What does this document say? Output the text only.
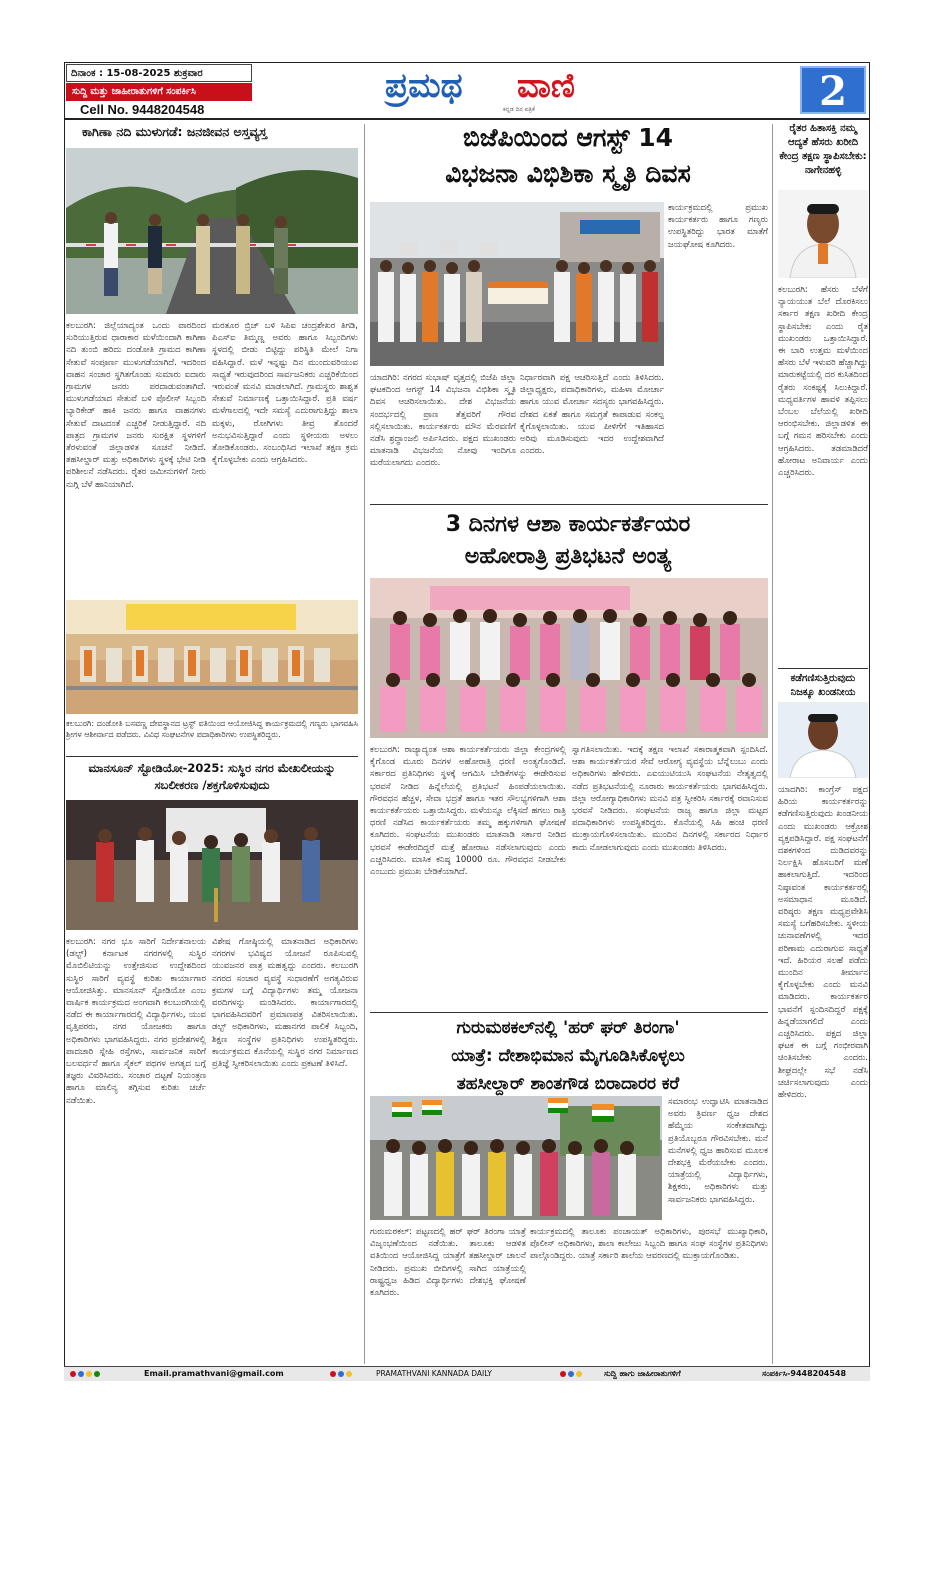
ದಿನಾಂಕ : 15-08-2025 ಶುಕ್ರವಾರ
ಸುದ್ದಿ ಮತ್ತು ಜಾಹೀರಾತುಗಳಿಗೆ ಸಂಪರ್ಕಿಸಿ
Cell No. 9448204548
ಪ್ರಮಥ ವಾಣಿ
ಕನ್ನಡ ದಿನ ಪತ್ರಿಕೆ	2
ಕಾಗಿಣಾ ನದಿ ಮುಳುಗಡೆ: ಜನಜೀವನ ಅಸ್ತವ್ಯಸ್ತ
ಕಲಬುರಗಿ: ಜಿಲ್ಲೆಯಾದ್ಯಂತ ಒಂದು ವಾರದಿಂದ ಸುರಿಯುತ್ತಿರುವ ಧಾರಾಕಾರ ಮಳೆಯಿಂದಾಗಿ ಕಾಗಿಣಾ ನದಿ ತುಂಬಿ ಹರಿದು ದಂಡೋತಿ ಗ್ರಾಮದ ಕಾಗಿಣಾ ಸೇತುವೆ ಸಂಪೂರ್ಣ ಮುಳುಗಡೆಯಾಗಿದೆ. ಇದರಿಂದ ವಾಹನ ಸಂಚಾರ ಸ್ಥಗಿತಗೊಂಡು ಸುಮಾರು ಐದಾರು ಗ್ರಾಮಗಳ ಜನರು ಪರದಾಡುವಂತಾಗಿದೆ. ಮುಳುಗಡೆಯಾದ ಸೇತುವೆ ಬಳಿ ಪೊಲೀಸ್ ಸಿಬ್ಬಂದಿ ಬ್ಯಾರಿಕೇಡ್ ಹಾಕಿ ಜನರು ಹಾಗೂ ವಾಹನಗಳು ಸೇತುವೆ ದಾಟದಂತೆ ಎಚ್ಚರಿಕೆ ನೀಡುತ್ತಿದ್ದಾರೆ. ನದಿ ಪಾತ್ರದ ಗ್ರಾಮಗಳ ಜನರು ಸುರಕ್ಷಿತ ಸ್ಥಳಗಳಿಗೆ ತೆರಳುವಂತೆ ಜಿಲ್ಲಾಡಳಿತ ಸೂಚನೆ ನೀಡಿದೆ. ತಹಸೀಲ್ದಾರ್ ಮತ್ತು ಅಧಿಕಾರಿಗಳು ಸ್ಥಳಕ್ಕೆ ಭೇಟಿ ನೀಡಿ ಪರಿಶೀಲನೆ ನಡೆಸಿದರು. ರೈತರ ಜಮೀನುಗಳಿಗೆ ನೀರು ನುಗ್ಗಿ ಬೆಳೆ ಹಾನಿಯಾಗಿದೆ.
ಮರತೂರ ಬ್ರಿಜ್ ಬಳಿ ಸಿಪಿಐ ಚಂದ್ರಶೇಖರ ತಿಗಡಿ, ಪಿಎಸ್‌ಐ ತಿಮ್ಮಣ್ಣ ಅವರು ಹಾಗೂ ಸಿಬ್ಬಂದಿಗಳು ಸ್ಥಳದಲ್ಲಿ ಬೀಡು ಬಿಟ್ಟಿದ್ದು ಪರಿಸ್ಥಿತಿ ಮೇಲೆ ನಿಗಾ ವಹಿಸಿದ್ದಾರೆ. ಮಳೆ ಇನ್ನಷ್ಟು ದಿನ ಮುಂದುವರಿಯುವ ಸಾಧ್ಯತೆ ಇರುವುದರಿಂದ ಸಾರ್ವಜನಿಕರು ಎಚ್ಚರಿಕೆಯಿಂದ ಇರುವಂತೆ ಮನವಿ ಮಾಡಲಾಗಿದೆ. ಗ್ರಾಮಸ್ಥರು ಶಾಶ್ವತ ಸೇತುವೆ ನಿರ್ಮಾಣಕ್ಕೆ ಒತ್ತಾಯಿಸಿದ್ದಾರೆ. ಪ್ರತಿ ವರ್ಷ ಮಳೆಗಾಲದಲ್ಲಿ ಇದೇ ಸಮಸ್ಯೆ ಎದುರಾಗುತ್ತಿದ್ದು ಶಾಲಾ ಮಕ್ಕಳು, ರೋಗಿಗಳು ತೀವ್ರ ತೊಂದರೆ ಅನುಭವಿಸುತ್ತಿದ್ದಾರೆ ಎಂದು ಸ್ಥಳೀಯರು ಅಳಲು ತೋಡಿಕೊಂಡರು. ಸಂಬಂಧಿಸಿದ ಇಲಾಖೆ ತಕ್ಷಣ ಕ್ರಮ ಕೈಗೊಳ್ಳಬೇಕು ಎಂದು ಆಗ್ರಹಿಸಿದರು.
ಕಲಬುರಗಿ: ದಂಡೋತಿ ಬಸವಣ್ಣ ದೇವಸ್ಥಾನದ ಟ್ರಸ್ಟ್ ವತಿಯಿಂದ ಆಯೋಜಿಸಿದ್ದ ಕಾರ್ಯಕ್ರಮದಲ್ಲಿ ಗಣ್ಯರು ಭಾಗವಹಿಸಿ ಶ್ರೀಗಳ ಆಶೀರ್ವಾದ ಪಡೆದರು. ವಿವಿಧ ಸಂಘಟನೆಗಳ ಪದಾಧಿಕಾರಿಗಳು ಉಪಸ್ಥಿತರಿದ್ದರು.
ಮಾನಸೂನ್ ಸ್ಟೋಡಿಯೋ-2025: ಸುಸ್ಥಿರ ನಗರ ಮೇಖಲೀಯನ್ನು ಸಬಲೀಕರಣ /ಶಕ್ತಗೊಳಿಸುವುದು
ಕಲಬುರಗಿ: ನಗರ ಭೂ ಸಾರಿಗೆ ನಿರ್ದೇಶನಾಲಯ (ಡಲ್ಟ್) ಕರ್ನಾಟಕ ನಗರಗಳಲ್ಲಿ ಸುಸ್ಥಿರ ಮೊಬಿಲಿಟಿಯನ್ನು ಉತ್ತೇಜಿಸುವ ಉದ್ದೇಶದಿಂದ ಸುಸ್ಥಿರ ಸಾರಿಗೆ ವ್ಯವಸ್ಥೆ ಕುರಿತು ಕಾರ್ಯಾಗಾರ ಆಯೋಜಿಸಿತ್ತು. ಮಾನಸೂನ್ ಸ್ಟೋಡಿಯೋ ಎಂಬ ವಾರ್ಷಿಕ ಕಾರ್ಯಕ್ರಮದ ಅಂಗವಾಗಿ ಕಲಬುರಗಿಯಲ್ಲಿ ನಡೆದ ಈ ಕಾರ್ಯಾಗಾರದಲ್ಲಿ ವಿದ್ಯಾರ್ಥಿಗಳು, ಯುವ ವೃತ್ತಿಪರರು, ನಗರ ಯೋಜಕರು ಹಾಗೂ ಅಧಿಕಾರಿಗಳು ಭಾಗವಹಿಸಿದ್ದರು. ನಗರ ಪ್ರದೇಶಗಳಲ್ಲಿ ಪಾದಚಾರಿ ಸ್ನೇಹಿ ರಸ್ತೆಗಳು, ಸಾರ್ವಜನಿಕ ಸಾರಿಗೆ ಬಲವರ್ಧನೆ ಹಾಗೂ ಸೈಕಲ್ ಪಥಗಳ ಅಗತ್ಯದ ಬಗ್ಗೆ ತಜ್ಞರು ವಿವರಿಸಿದರು. ಸಂಚಾರ ದಟ್ಟಣೆ ನಿಯಂತ್ರಣ ಹಾಗೂ ಮಾಲಿನ್ಯ ತಗ್ಗಿಸುವ ಕುರಿತು ಚರ್ಚೆ ನಡೆಯಿತು.
ವಿಶೇಷ ಗೋಷ್ಠಿಯಲ್ಲಿ ಮಾತನಾಡಿದ ಅಧಿಕಾರಿಗಳು ನಗರಗಳ ಭವಿಷ್ಯದ ಯೋಜನೆ ರೂಪಿಸುವಲ್ಲಿ ಯುವಜನರ ಪಾತ್ರ ಮಹತ್ವದ್ದು ಎಂದರು. ಕಲಬುರಗಿ ನಗರದ ಸಂಚಾರ ವ್ಯವಸ್ಥೆ ಸುಧಾರಣೆಗೆ ಅಗತ್ಯವಿರುವ ಕ್ರಮಗಳ ಬಗ್ಗೆ ವಿದ್ಯಾರ್ಥಿಗಳು ತಮ್ಮ ಯೋಜನಾ ವರದಿಗಳನ್ನು ಮಂಡಿಸಿದರು. ಕಾರ್ಯಾಗಾರದಲ್ಲಿ ಭಾಗವಹಿಸಿದವರಿಗೆ ಪ್ರಮಾಣಪತ್ರ ವಿತರಿಸಲಾಯಿತು. ಡಲ್ಟ್ ಅಧಿಕಾರಿಗಳು, ಮಹಾನಗರ ಪಾಲಿಕೆ ಸಿಬ್ಬಂದಿ, ಶಿಕ್ಷಣ ಸಂಸ್ಥೆಗಳ ಪ್ರತಿನಿಧಿಗಳು ಉಪಸ್ಥಿತರಿದ್ದರು. ಕಾರ್ಯಕ್ರಮದ ಕೊನೆಯಲ್ಲಿ ಸುಸ್ಥಿರ ನಗರ ನಿರ್ಮಾಣದ ಪ್ರತಿಜ್ಞೆ ಸ್ವೀಕರಿಸಲಾಯಿತು ಎಂದು ಪ್ರಕಟಣೆ ತಿಳಿಸಿದೆ.
ಬಿಜೆಪಿಯಿಂದ ಆಗಸ್ಟ್ 14
ವಿಭಜನಾ ವಿಭಿಶಿಕಾ ಸ್ಮೃತಿ ದಿವಸ
ಯಾದಗಿರಿ: ನಗರದ ಸುಭಾಷ್ ವೃತ್ತದಲ್ಲಿ ಬಿಜೆಪಿ ಜಿಲ್ಲಾ ಘಟಕದಿಂದ ಆಗಸ್ಟ್ 14 ವಿಭಜನಾ ವಿಭಿಶಿಕಾ ಸ್ಮೃತಿ ದಿವಸ ಆಚರಿಸಲಾಯಿತು. ದೇಶ ವಿಭಜನೆಯ ಸಂದರ್ಭದಲ್ಲಿ ಪ್ರಾಣ ತೆತ್ತವರಿಗೆ ಗೌರವ ಸಲ್ಲಿಸಲಾಯಿತು. ಕಾರ್ಯಕರ್ತರು ಮೌನ ಮೆರವಣಿಗೆ ನಡೆಸಿ ಶ್ರದ್ಧಾಂಜಲಿ ಅರ್ಪಿಸಿದರು. ಪಕ್ಷದ ಮುಖಂಡರು ಮಾತನಾಡಿ ವಿಭಜನೆಯ ನೋವು ಇಂದಿಗೂ ಮರೆಯಲಾಗದು ಎಂದರು.
ನಿರ್ಧಾರವಾಗಿ ಪಕ್ಷ ಆಚರಿಸುತ್ತಿದೆ ಎಂದು ತಿಳಿಸಿದರು. ಜಿಲ್ಲಾಧ್ಯಕ್ಷರು, ಪದಾಧಿಕಾರಿಗಳು, ಮಹಿಳಾ ಮೋರ್ಚಾ ಹಾಗೂ ಯುವ ಮೋರ್ಚಾ ಸದಸ್ಯರು ಭಾಗವಹಿಸಿದ್ದರು. ದೇಶದ ಏಕತೆ ಹಾಗೂ ಸಮಗ್ರತೆ ಕಾಪಾಡುವ ಸಂಕಲ್ಪ ಕೈಗೊಳ್ಳಲಾಯಿತು. ಯುವ ಪೀಳಿಗೆಗೆ ಇತಿಹಾಸದ ಅರಿವು ಮೂಡಿಸುವುದು ಇದರ ಉದ್ದೇಶವಾಗಿದೆ ಎಂದರು.
ಕಾರ್ಯಕ್ರಮದಲ್ಲಿ ಪ್ರಮುಖ ಕಾರ್ಯಕರ್ತರು ಹಾಗೂ ಗಣ್ಯರು ಉಪಸ್ಥಿತರಿದ್ದು ಭಾರತ ಮಾತೆಗೆ ಜಯಘೋಷ ಕೂಗಿದರು.
3 ದಿನಗಳ ಆಶಾ ಕಾರ್ಯಕರ್ತೆಯರ
ಅಹೋರಾತ್ರಿ ಪ್ರತಿಭಟನೆ ಅಂತ್ಯ
ಕಲಬುರಗಿ: ರಾಜ್ಯಾದ್ಯಂತ ಆಶಾ ಕಾರ್ಯಕರ್ತೆಯರು ಜಿಲ್ಲಾ ಕೇಂದ್ರಗಳಲ್ಲಿ ಕೈಗೊಂಡ ಮೂರು ದಿನಗಳ ಅಹೋರಾತ್ರಿ ಧರಣಿ ಅಂತ್ಯಗೊಂಡಿದೆ. ಸರ್ಕಾರದ ಪ್ರತಿನಿಧಿಗಳು ಸ್ಥಳಕ್ಕೆ ಆಗಮಿಸಿ ಬೇಡಿಕೆಗಳನ್ನು ಈಡೇರಿಸುವ ಭರವಸೆ ನೀಡಿದ ಹಿನ್ನೆಲೆಯಲ್ಲಿ ಪ್ರತಿಭಟನೆ ಹಿಂಪಡೆಯಲಾಯಿತು. ಗೌರವಧನ ಹೆಚ್ಚಳ, ಸೇವಾ ಭದ್ರತೆ ಹಾಗೂ ಇತರ ಸೌಲಭ್ಯಗಳಿಗಾಗಿ ಆಶಾ ಕಾರ್ಯಕರ್ತೆಯರು ಒತ್ತಾಯಿಸಿದ್ದರು. ಮಳೆಯನ್ನೂ ಲೆಕ್ಕಿಸದೆ ಹಗಲು ರಾತ್ರಿ ಧರಣಿ ನಡೆಸಿದ ಕಾರ್ಯಕರ್ತೆಯರು ತಮ್ಮ ಹಕ್ಕುಗಳಿಗಾಗಿ ಘೋಷಣೆ ಕೂಗಿದರು. ಸಂಘಟನೆಯ ಮುಖಂಡರು ಮಾತನಾಡಿ ಸರ್ಕಾರ ನೀಡಿದ ಭರವಸೆ ಈಡೇರದಿದ್ದರೆ ಮತ್ತೆ ಹೋರಾಟ ನಡೆಸಲಾಗುವುದು ಎಂದು ಎಚ್ಚರಿಸಿದರು. ಮಾಸಿಕ ಕನಿಷ್ಠ 10000 ರೂ. ಗೌರವಧನ ನೀಡಬೇಕು ಎಂಬುದು ಪ್ರಮುಖ ಬೇಡಿಕೆಯಾಗಿದೆ.
ಸ್ವಾಗತಿಸಲಾಯಿತು. ಇದಕ್ಕೆ ತಕ್ಷಣ ಇಲಾಖೆ ಸಕಾರಾತ್ಮಕವಾಗಿ ಸ್ಪಂದಿಸಿದೆ. ಆಶಾ ಕಾರ್ಯಕರ್ತೆಯರ ಸೇವೆ ಆರೋಗ್ಯ ವ್ಯವಸ್ಥೆಯ ಬೆನ್ನೆಲುಬು ಎಂದು ಅಧಿಕಾರಿಗಳು ಹೇಳಿದರು. ಎಐಯುಟಿಯುಸಿ ಸಂಘಟನೆಯ ನೇತೃತ್ವದಲ್ಲಿ ನಡೆದ ಪ್ರತಿಭಟನೆಯಲ್ಲಿ ನೂರಾರು ಕಾರ್ಯಕರ್ತೆಯರು ಭಾಗವಹಿಸಿದ್ದರು. ಜಿಲ್ಲಾ ಆರೋಗ್ಯಾಧಿಕಾರಿಗಳು ಮನವಿ ಪತ್ರ ಸ್ವೀಕರಿಸಿ ಸರ್ಕಾರಕ್ಕೆ ರವಾನಿಸುವ ಭರವಸೆ ನೀಡಿದರು. ಸಂಘಟನೆಯ ರಾಜ್ಯ ಹಾಗೂ ಜಿಲ್ಲಾ ಮಟ್ಟದ ಪದಾಧಿಕಾರಿಗಳು ಉಪಸ್ಥಿತರಿದ್ದರು. ಕೊನೆಯಲ್ಲಿ ಸಿಹಿ ಹಂಚಿ ಧರಣಿ ಮುಕ್ತಾಯಗೊಳಿಸಲಾಯಿತು. ಮುಂದಿನ ದಿನಗಳಲ್ಲಿ ಸರ್ಕಾರದ ನಿರ್ಧಾರ ಕಾದು ನೋಡಲಾಗುವುದು ಎಂದು ಮುಖಂಡರು ತಿಳಿಸಿದರು.
ಗುರುಮಠಕಲ್‌ನಲ್ಲಿ 'ಹರ್ ಘರ್ ತಿರಂಗಾ'
ಯಾತ್ರೆ: ದೇಶಾಭಿಮಾನ ಮೈಗೂಡಿಸಿಕೊಳ್ಳಲು
ತಹಸೀಲ್ದಾರ್ ಶಾಂತಗೌಡ ಬಿರಾದಾರರ ಕರೆ
ಸಮಾರಂಭ ಉದ್ಘಾಟಿಸಿ ಮಾತನಾಡಿದ ಅವರು ತ್ರಿವರ್ಣ ಧ್ವಜ ದೇಶದ ಹೆಮ್ಮೆಯ ಸಂಕೇತವಾಗಿದ್ದು ಪ್ರತಿಯೊಬ್ಬರೂ ಗೌರವಿಸಬೇಕು. ಮನೆ ಮನೆಗಳಲ್ಲಿ ಧ್ವಜ ಹಾರಿಸುವ ಮೂಲಕ ದೇಶಭಕ್ತಿ ಮೆರೆಯಬೇಕು ಎಂದರು. ಯಾತ್ರೆಯಲ್ಲಿ ವಿದ್ಯಾರ್ಥಿಗಳು, ಶಿಕ್ಷಕರು, ಅಧಿಕಾರಿಗಳು ಮತ್ತು ಸಾರ್ವಜನಿಕರು ಭಾಗವಹಿಸಿದ್ದರು.
ಗುರುಮಠಕಲ್: ಪಟ್ಟಣದಲ್ಲಿ ಹರ್ ಘರ್ ತಿರಂಗಾ ಯಾತ್ರೆ ವಿಜೃಂಭಣೆಯಿಂದ ನಡೆಯಿತು. ತಾಲೂಕು ಆಡಳಿತ ವತಿಯಿಂದ ಆಯೋಜಿಸಿದ್ದ ಯಾತ್ರೆಗೆ ತಹಸೀಲ್ದಾರ್ ಚಾಲನೆ ನೀಡಿದರು. ಪ್ರಮುಖ ಬೀದಿಗಳಲ್ಲಿ ಸಾಗಿದ ಯಾತ್ರೆಯಲ್ಲಿ ರಾಷ್ಟ್ರಧ್ವಜ ಹಿಡಿದ ವಿದ್ಯಾರ್ಥಿಗಳು ದೇಶಭಕ್ತಿ ಘೋಷಣೆ ಕೂಗಿದರು.
ಕಾರ್ಯಕ್ರಮದಲ್ಲಿ ತಾಲೂಕು ಪಂಚಾಯತ್ ಅಧಿಕಾರಿಗಳು, ಪುರಸಭೆ ಮುಖ್ಯಾಧಿಕಾರಿ, ಪೊಲೀಸ್ ಅಧಿಕಾರಿಗಳು, ಶಾಲಾ ಕಾಲೇಜು ಸಿಬ್ಬಂದಿ ಹಾಗೂ ಸಂಘ ಸಂಸ್ಥೆಗಳ ಪ್ರತಿನಿಧಿಗಳು ಪಾಲ್ಗೊಂಡಿದ್ದರು. ಯಾತ್ರೆ ಸರ್ಕಾರಿ ಶಾಲೆಯ ಆವರಣದಲ್ಲಿ ಮುಕ್ತಾಯಗೊಂಡಿತು.
ರೈತರ ಹಿತಾಸಕ್ತಿ ನಮ್ಮ ಆದ್ಯತೆ ಹೆಸರು ಖರೀದಿ ಕೇಂದ್ರ ತಕ್ಷಣ ಸ್ಥಾಪಿಸಬೇಕು: ನಾಗೇನಹಳ್ಳಿ
ಕಲಬುರಗಿ: ಹೆಸರು ಬೆಳೆಗೆ ನ್ಯಾಯಯುತ ಬೆಲೆ ದೊರಕಿಸಲು ಸರ್ಕಾರ ತಕ್ಷಣ ಖರೀದಿ ಕೇಂದ್ರ ಸ್ಥಾಪಿಸಬೇಕು ಎಂದು ರೈತ ಮುಖಂಡರು ಒತ್ತಾಯಿಸಿದ್ದಾರೆ. ಈ ಬಾರಿ ಉತ್ತಮ ಮಳೆಯಿಂದ ಹೆಸರು ಬೆಳೆ ಇಳುವರಿ ಹೆಚ್ಚಾಗಿದ್ದು ಮಾರುಕಟ್ಟೆಯಲ್ಲಿ ದರ ಕುಸಿತದಿಂದ ರೈತರು ಸಂಕಷ್ಟಕ್ಕೆ ಸಿಲುಕಿದ್ದಾರೆ. ಮಧ್ಯವರ್ತಿಗಳ ಹಾವಳಿ ತಪ್ಪಿಸಲು ಬೆಂಬಲ ಬೆಲೆಯಲ್ಲಿ ಖರೀದಿ ಆರಂಭಿಸಬೇಕು. ಜಿಲ್ಲಾಡಳಿತ ಈ ಬಗ್ಗೆ ಗಮನ ಹರಿಸಬೇಕು ಎಂದು ಆಗ್ರಹಿಸಿದರು. ತಡಮಾಡಿದರೆ ಹೋರಾಟ ಅನಿವಾರ್ಯ ಎಂದು ಎಚ್ಚರಿಸಿದರು.
ಕಡೆಗಣಿಸುತ್ತಿರುವುದು ನಿಜಕ್ಕೂ ಖಂಡನೀಯ
ಯಾದಗಿರಿ: ಕಾಂಗ್ರೆಸ್ ಪಕ್ಷದ ಹಿರಿಯ ಕಾರ್ಯಕರ್ತರನ್ನು ಕಡೆಗಣಿಸುತ್ತಿರುವುದು ಖಂಡನೀಯ ಎಂದು ಮುಖಂಡರು ಆಕ್ರೋಶ ವ್ಯಕ್ತಪಡಿಸಿದ್ದಾರೆ. ಪಕ್ಷ ಸಂಘಟನೆಗೆ ದಶಕಗಳಿಂದ ದುಡಿದವರನ್ನು ನಿರ್ಲಕ್ಷಿಸಿ ಹೊಸಬರಿಗೆ ಮಣೆ ಹಾಕಲಾಗುತ್ತಿದೆ. ಇದರಿಂದ ನಿಷ್ಠಾವಂತ ಕಾರ್ಯಕರ್ತರಲ್ಲಿ ಅಸಮಾಧಾನ ಮೂಡಿದೆ. ವರಿಷ್ಠರು ತಕ್ಷಣ ಮಧ್ಯಪ್ರವೇಶಿಸಿ ಸಮಸ್ಯೆ ಬಗೆಹರಿಸಬೇಕು. ಸ್ಥಳೀಯ ಚುನಾವಣೆಗಳಲ್ಲಿ ಇದರ ಪರಿಣಾಮ ಎದುರಾಗುವ ಸಾಧ್ಯತೆ ಇದೆ. ಹಿರಿಯರ ಸಲಹೆ ಪಡೆದು ಮುಂದಿನ ತೀರ್ಮಾನ ಕೈಗೊಳ್ಳಬೇಕು ಎಂದು ಮನವಿ ಮಾಡಿದರು. ಕಾರ್ಯಕರ್ತರ ಭಾವನೆಗೆ ಸ್ಪಂದಿಸದಿದ್ದರೆ ಪಕ್ಷಕ್ಕೆ ಹಿನ್ನಡೆಯಾಗಲಿದೆ ಎಂದು ಎಚ್ಚರಿಸಿದರು. ಪಕ್ಷದ ಜಿಲ್ಲಾ ಘಟಕ ಈ ಬಗ್ಗೆ ಗಂಭೀರವಾಗಿ ಚಿಂತಿಸಬೇಕು ಎಂದರು. ಶೀಘ್ರದಲ್ಲೇ ಸಭೆ ನಡೆಸಿ ಚರ್ಚಿಸಲಾಗುವುದು ಎಂದು ಹೇಳಿದರು.
Email.pramathvani@gmail.com	PRAMATHVANI KANNADA DAILY	ಸುದ್ದಿ ಹಾಗು ಜಾಹೀರಾತುಗಳಿಗೆ	ಸಂಪರ್ಕಿಸಿ-9448204548
